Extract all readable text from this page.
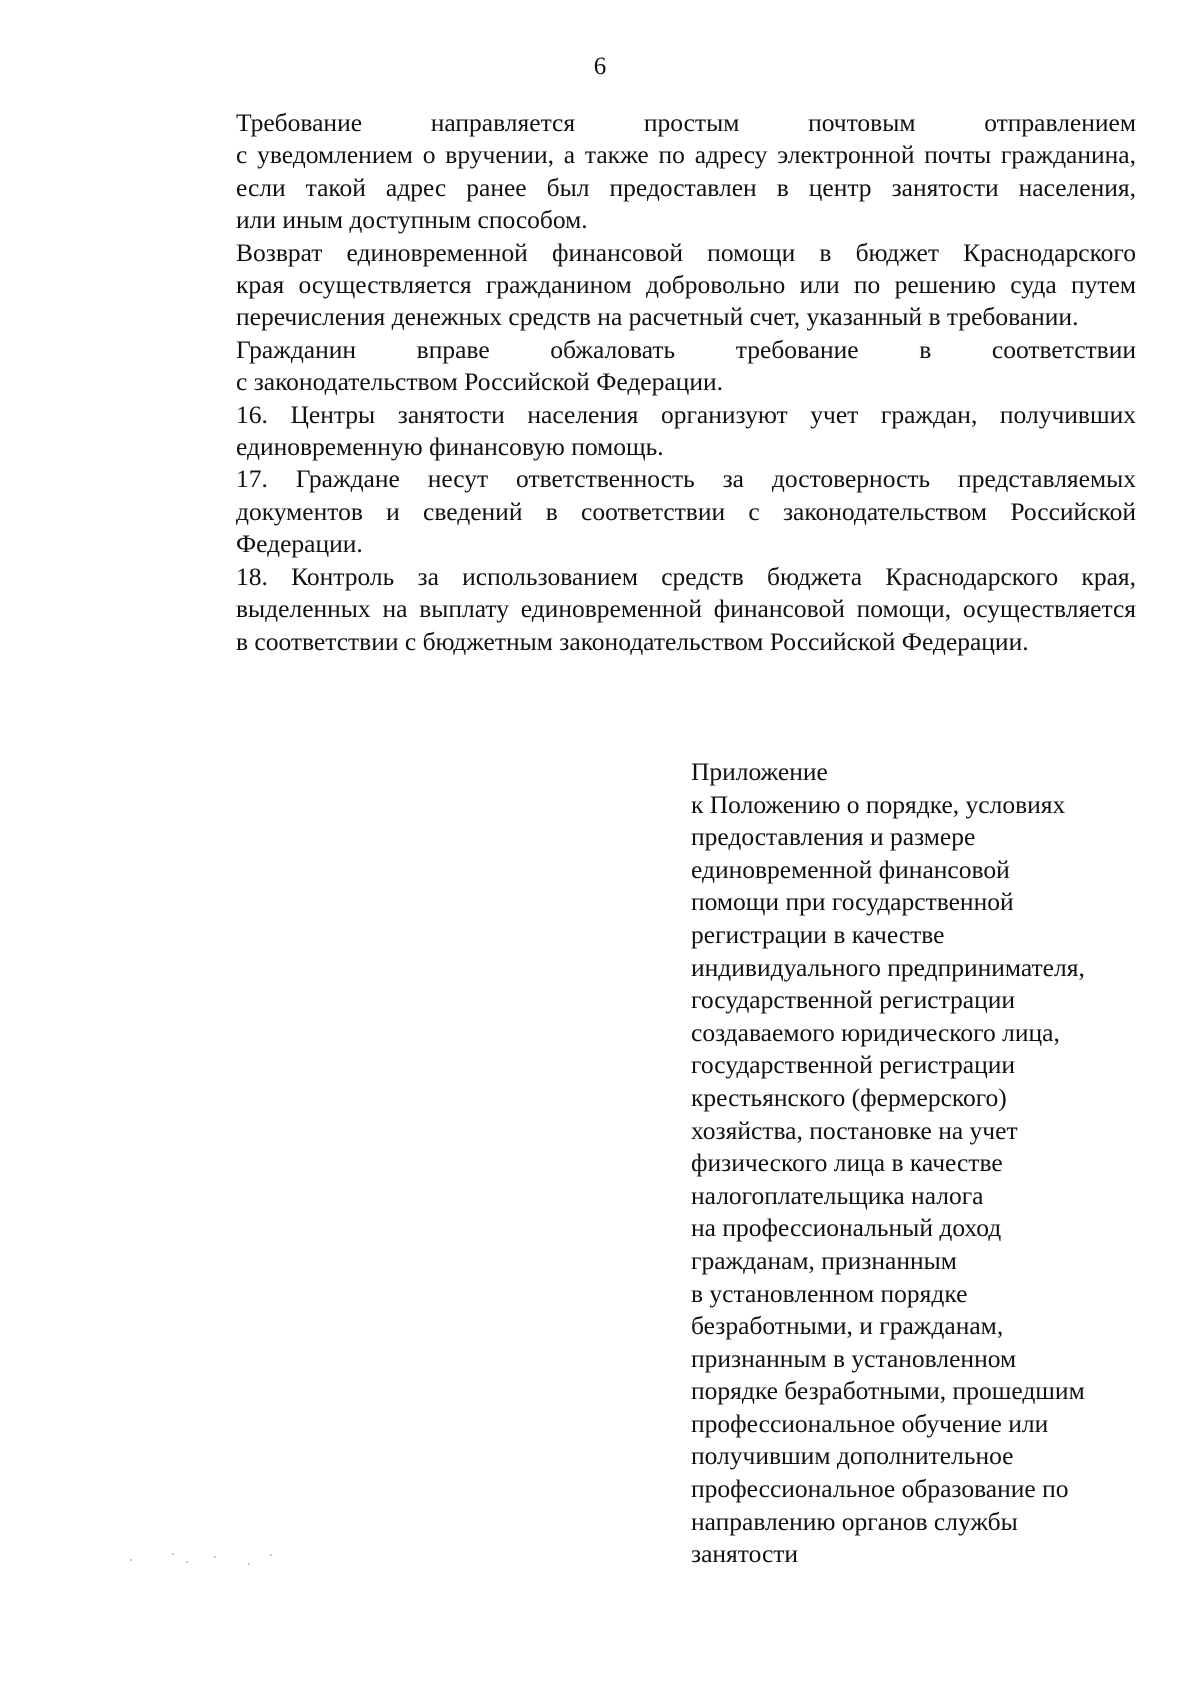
6

Требование направляется простым почтовым отправлением
с уведомлением о вручении, а также по адресу электронной почты гражданина,
если такой адрес ранее был предоставлен в центр занятости населения,
или иным доступным способом.

Возврат единовременной финансовой помощи в бюджет Краснодарского
края осуществляется гражданином добровольно или по решению суда путем
перечисления денежных средств на расчетный счет, указанный в требовании.

Гражданин вправе обжаловать требование в соответствии
с законодательством Российской Федерации.

16. Центры занятости населения организуют учет граждан, получивших
единовременную финансовую помощь.

17. Граждане несут ответственность за достоверность представляемых
документов и сведений в соответствии с законодательством Российской
Федерации.

18. Контроль за использованием средств бюджета Краснодарского края,
выделенных на выплату единовременной финансовой помощи, осуществляется
в соответствии с бюджетным законодательством Российской Федерации.

Приложение
к Положению о порядке, условиях
предоставления и размере
единовременной финансовой
помощи при государственной
регистрации в качестве
индивидуального предпринимателя,
государственной регистрации
создаваемого юридического лица,
государственной регистрации
крестьянского (фермерского)
хозяйства, постановке на учет
физического лица в качестве
налогоплательщика налога
на профессиональный доход
гражданам, признанным
в установленном порядке
безработными, и гражданам,
признанным в установленном
порядке безработными, прошедшим
профессиональное обучение или
получившим дополнительное
профессиональное образование по
направлению органов службы
занятости
